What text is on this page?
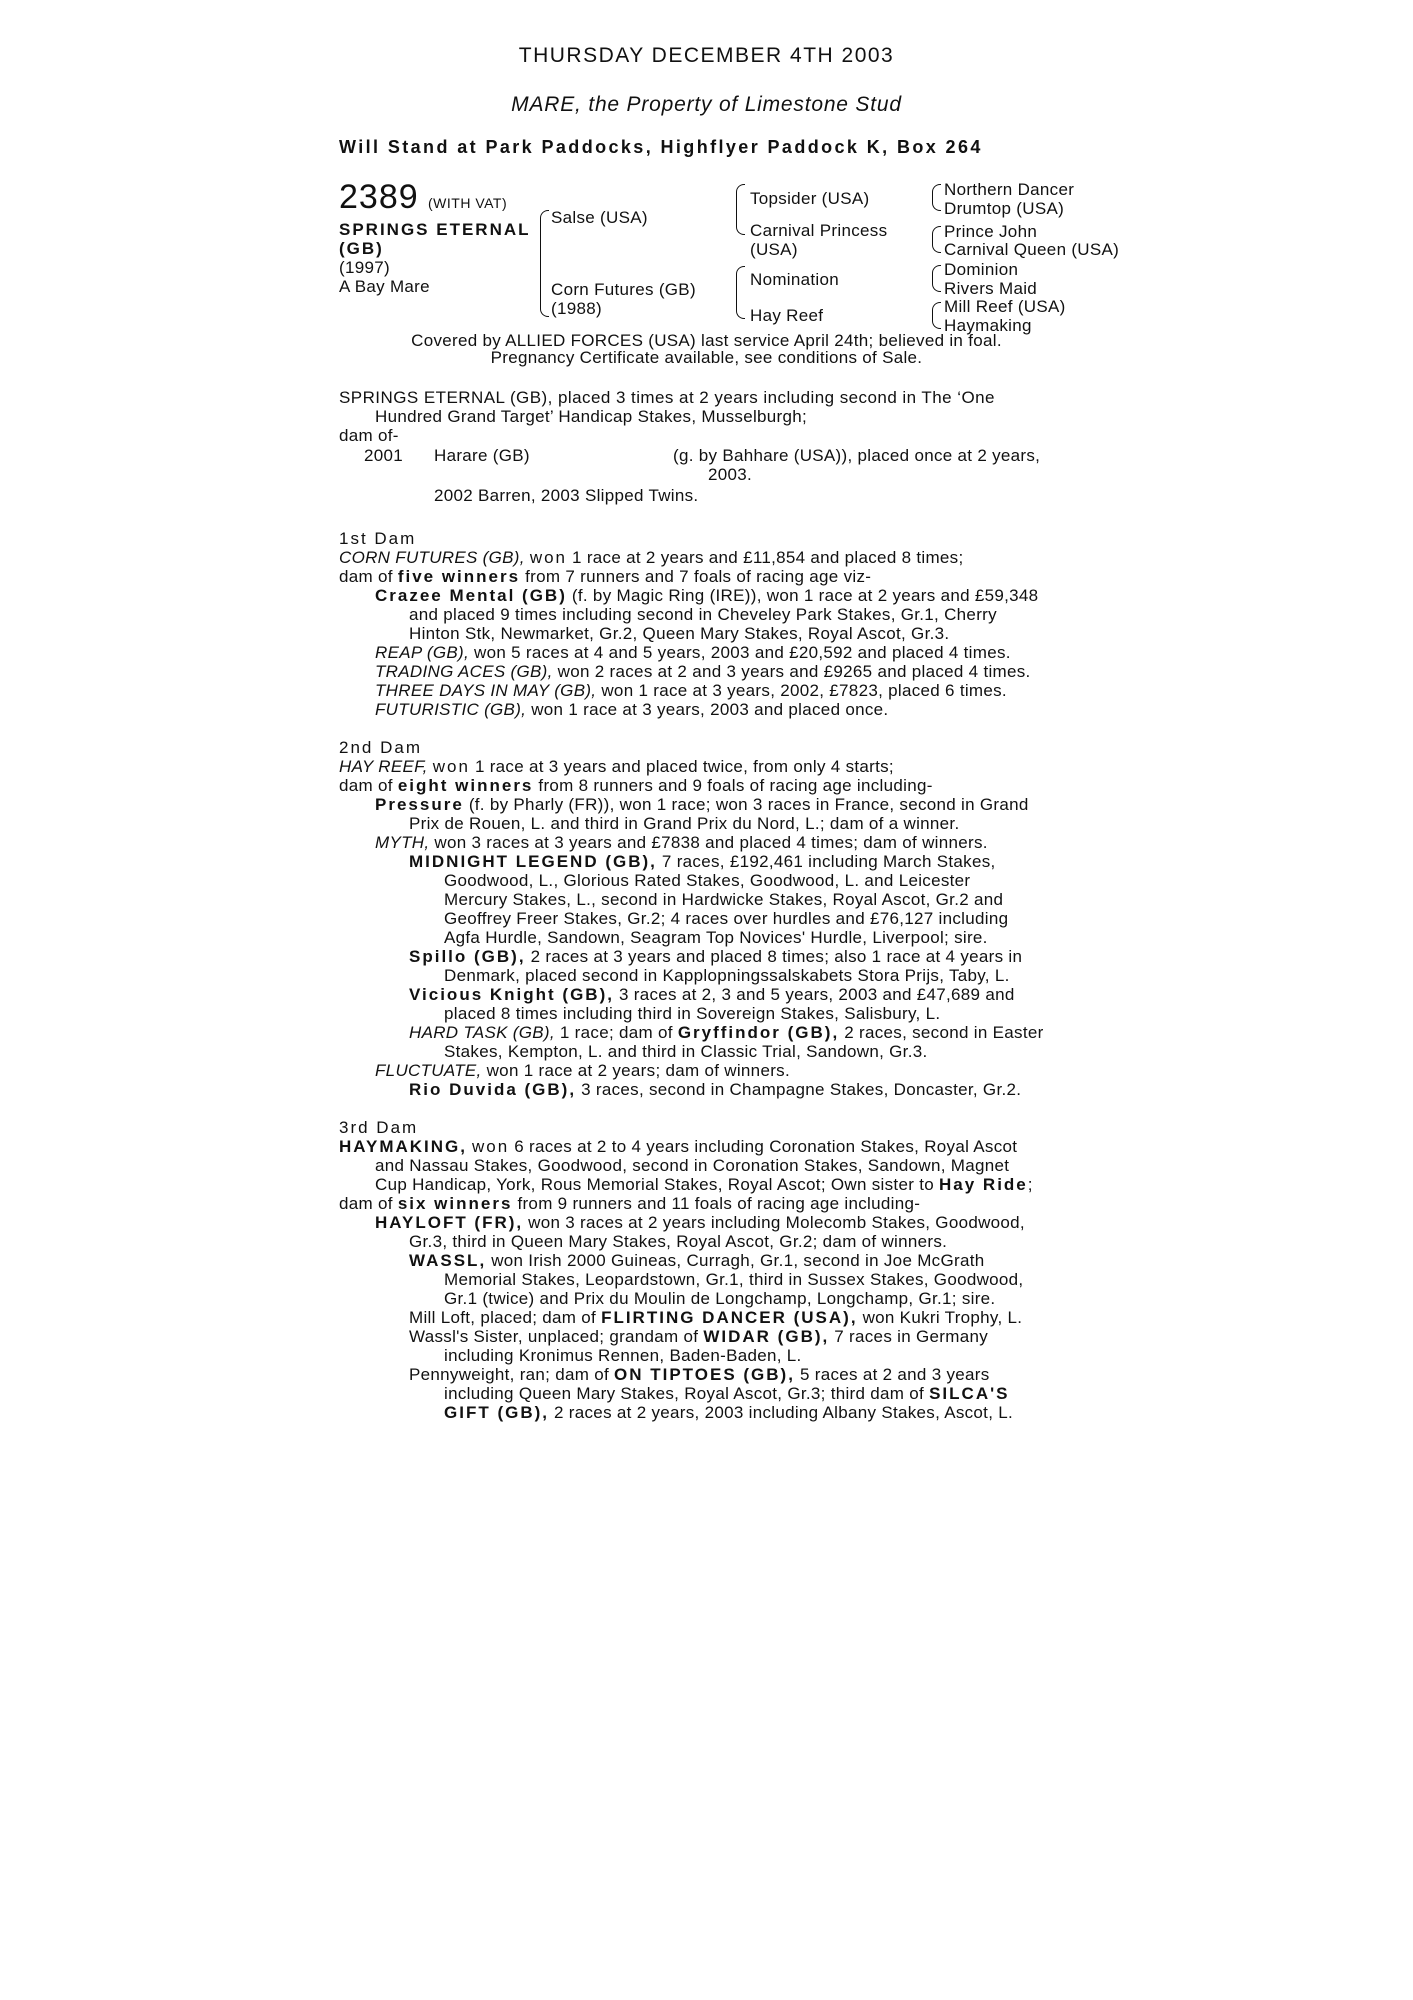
THURSDAY DECEMBER 4TH 2003
MARE, the Property of Limestone Stud
Will Stand at Park Paddocks, Highflyer Paddock K, Box 264
2389 (WITH VAT)
SPRINGS ETERNAL
(GB)
(1997)
A Bay Mare
Salse (USA)
Corn Futures (GB)
(1988)
Topsider (USA)
Carnival Princess
(USA)
Nomination
Hay Reef
Northern Dancer
Drumtop (USA)
Prince John
Carnival Queen (USA)
Dominion
Rivers Maid
Mill Reef (USA)
Haymaking
Covered by ALLIED FORCES (USA) last service April 24th; believed in foal.
Pregnancy Certificate available, see conditions of Sale.
SPRINGS ETERNAL (GB), placed 3 times at 2 years including second in The ‘One
Hundred Grand Target’ Handicap Stakes, Musselburgh;
dam of-
2001 Harare (GB)	(g. by Bahhare (USA)), placed once at 2 years,
2003.
2002 Barren, 2003 Slipped Twins.
1st Dam
CORN FUTURES (GB), won 1 race at 2 years and £11,854 and placed 8 times;
dam of five winners from 7 runners and 7 foals of racing age viz-
Crazee Mental (GB) (f. by Magic Ring (IRE)), won 1 race at 2 years and £59,348
and placed 9 times including second in Cheveley Park Stakes, Gr.1, Cherry
Hinton Stk, Newmarket, Gr.2, Queen Mary Stakes, Royal Ascot, Gr.3.
REAP (GB), won 5 races at 4 and 5 years, 2003 and £20,592 and placed 4 times.
TRADING ACES (GB), won 2 races at 2 and 3 years and £9265 and placed 4 times.
THREE DAYS IN MAY (GB), won 1 race at 3 years, 2002, £7823, placed 6 times.
FUTURISTIC (GB), won 1 race at 3 years, 2003 and placed once.
2nd Dam
HAY REEF, won 1 race at 3 years and placed twice, from only 4 starts;
dam of eight winners from 8 runners and 9 foals of racing age including-
Pressure (f. by Pharly (FR)), won 1 race; won 3 races in France, second in Grand
Prix de Rouen, L. and third in Grand Prix du Nord, L.; dam of a winner.
MYTH, won 3 races at 3 years and £7838 and placed 4 times; dam of winners.
MIDNIGHT LEGEND (GB), 7 races, £192,461 including March Stakes,
Goodwood, L., Glorious Rated Stakes, Goodwood, L. and Leicester
Mercury Stakes, L., second in Hardwicke Stakes, Royal Ascot, Gr.2 and
Geoffrey Freer Stakes, Gr.2; 4 races over hurdles and £76,127 including
Agfa Hurdle, Sandown, Seagram Top Novices' Hurdle, Liverpool; sire.
Spillo (GB), 2 races at 3 years and placed 8 times; also 1 race at 4 years in
Denmark, placed second in Kapplopningssalskabets Stora Prijs, Taby, L.
Vicious Knight (GB), 3 races at 2, 3 and 5 years, 2003 and £47,689 and
placed 8 times including third in Sovereign Stakes, Salisbury, L.
HARD TASK (GB), 1 race; dam of Gryffindor (GB), 2 races, second in Easter
Stakes, Kempton, L. and third in Classic Trial, Sandown, Gr.3.
FLUCTUATE, won 1 race at 2 years; dam of winners.
Rio Duvida (GB), 3 races, second in Champagne Stakes, Doncaster, Gr.2.
3rd Dam
HAYMAKING, won 6 races at 2 to 4 years including Coronation Stakes, Royal Ascot
and Nassau Stakes, Goodwood, second in Coronation Stakes, Sandown, Magnet
Cup Handicap, York, Rous Memorial Stakes, Royal Ascot; Own sister to Hay Ride;
dam of six winners from 9 runners and 11 foals of racing age including-
HAYLOFT (FR), won 3 races at 2 years including Molecomb Stakes, Goodwood,
Gr.3, third in Queen Mary Stakes, Royal Ascot, Gr.2; dam of winners.
WASSL, won Irish 2000 Guineas, Curragh, Gr.1, second in Joe McGrath
Memorial Stakes, Leopardstown, Gr.1, third in Sussex Stakes, Goodwood,
Gr.1 (twice) and Prix du Moulin de Longchamp, Longchamp, Gr.1; sire.
Mill Loft, placed; dam of FLIRTING DANCER (USA), won Kukri Trophy, L.
Wassl's Sister, unplaced; grandam of WIDAR (GB), 7 races in Germany
including Kronimus Rennen, Baden-Baden, L.
Pennyweight, ran; dam of ON TIPTOES (GB), 5 races at 2 and 3 years
including Queen Mary Stakes, Royal Ascot, Gr.3; third dam of SILCA'S
GIFT (GB), 2 races at 2 years, 2003 including Albany Stakes, Ascot, L.
